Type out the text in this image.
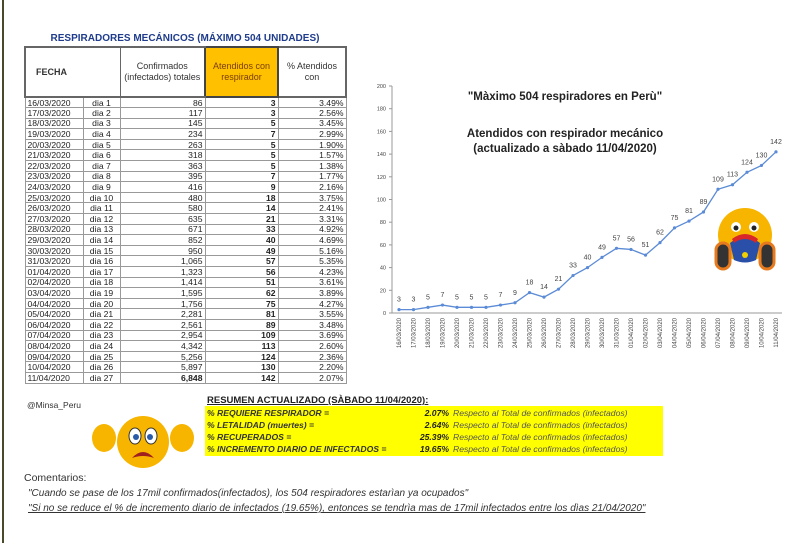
RESPIRADORES MECÁNICOS (MÁXIMO 504 UNIDADES)
FECHA		Confirmados (infectados) totales	Atendidos con respirador	% Atendidos con
16/03/2020	dia 1	86	3	3.49%
17/03/2020	dia 2	117	3	2.56%
18/03/2020	dia 3	145	5	3.45%
19/03/2020	dia 4	234	7	2.99%
20/03/2020	dia 5	263	5	1.90%
21/03/2020	dia 6	318	5	1.57%
22/03/2020	dia 7	363	5	1.38%
23/03/2020	dia 8	395	7	1.77%
24/03/2020	dia 9	416	9	2.16%
25/03/2020	dia 10	480	18	3.75%
26/03/2020	dia 11	580	14	2.41%
27/03/2020	dia 12	635	21	3.31%
28/03/2020	dia 13	671	33	4.92%
29/03/2020	dia 14	852	40	4.69%
30/03/2020	dia 15	950	49	5.16%
31/03/2020	dia 16	1,065	57	5.35%
01/04/2020	dia 17	1,323	56	4.23%
02/04/2020	dia 18	1,414	51	3.61%
03/04/2020	dia 19	1,595	62	3.89%
04/04/2020	dia 20	1,756	75	4.27%
05/04/2020	dia 21	2,281	81	3.55%
06/04/2020	dia 22	2,561	89	3.48%
07/04/2020	dia 23	2,954	109	3.69%
08/04/2020	dia 24	4,342	113	2.60%
09/04/2020	dia 25	5,256	124	2.36%
10/04/2020	dia 26	5,897	130	2.20%
11/04/2020	dia 27	6,848	142	2.07%
0
20
40
60
80
100
120
140
160
180
200
3
16/03/2020
3
17/03/2020
5
18/03/2020
7
19/03/2020
5
20/03/2020
5
21/03/2020
5
22/03/2020
7
23/03/2020
9
24/03/2020
18
25/03/2020
14
26/03/2020
21
27/03/2020
33
28/03/2020
40
29/03/2020
49
30/03/2020
57
31/03/2020
56
01/04/2020
51
02/04/2020
62
03/04/2020
75
04/04/2020
81
05/04/2020
89
06/04/2020
109
07/04/2020
113
08/04/2020
124
09/04/2020
130
10/04/2020
142
11/04/2020
"Màximo 504 respiradores en Perù"
Atendidos con respirador mecánico
(actualizado a sàbado 11/04/2020)
@Minsa_Peru	RESUMEN ACTUALIZADO (SÀBADO 11/04/2020):
% REQUIERE RESPIRADOR =	2.07% Respecto al Total de confirmados (infectados)
% LETALIDAD (muertes) =	2.64% Respecto al Total de confirmados (infectados)
% RECUPERADOS =	25.39% Respecto al Total de confirmados (infectados)
% INCREMENTO DIARIO DE INFECTADOS =	19.65% Respecto al Total de confirmados (infectados)
Comentarios:
"Cuando se pase de los 17mil confirmados(infectados), los 504 respiradores estarìan ya ocupados"
"Si no se reduce el % de incremento diario de infectados (19.65%), entonces se tendrìa mas de 17mil infectados entre los dìas 21/04/2020"
